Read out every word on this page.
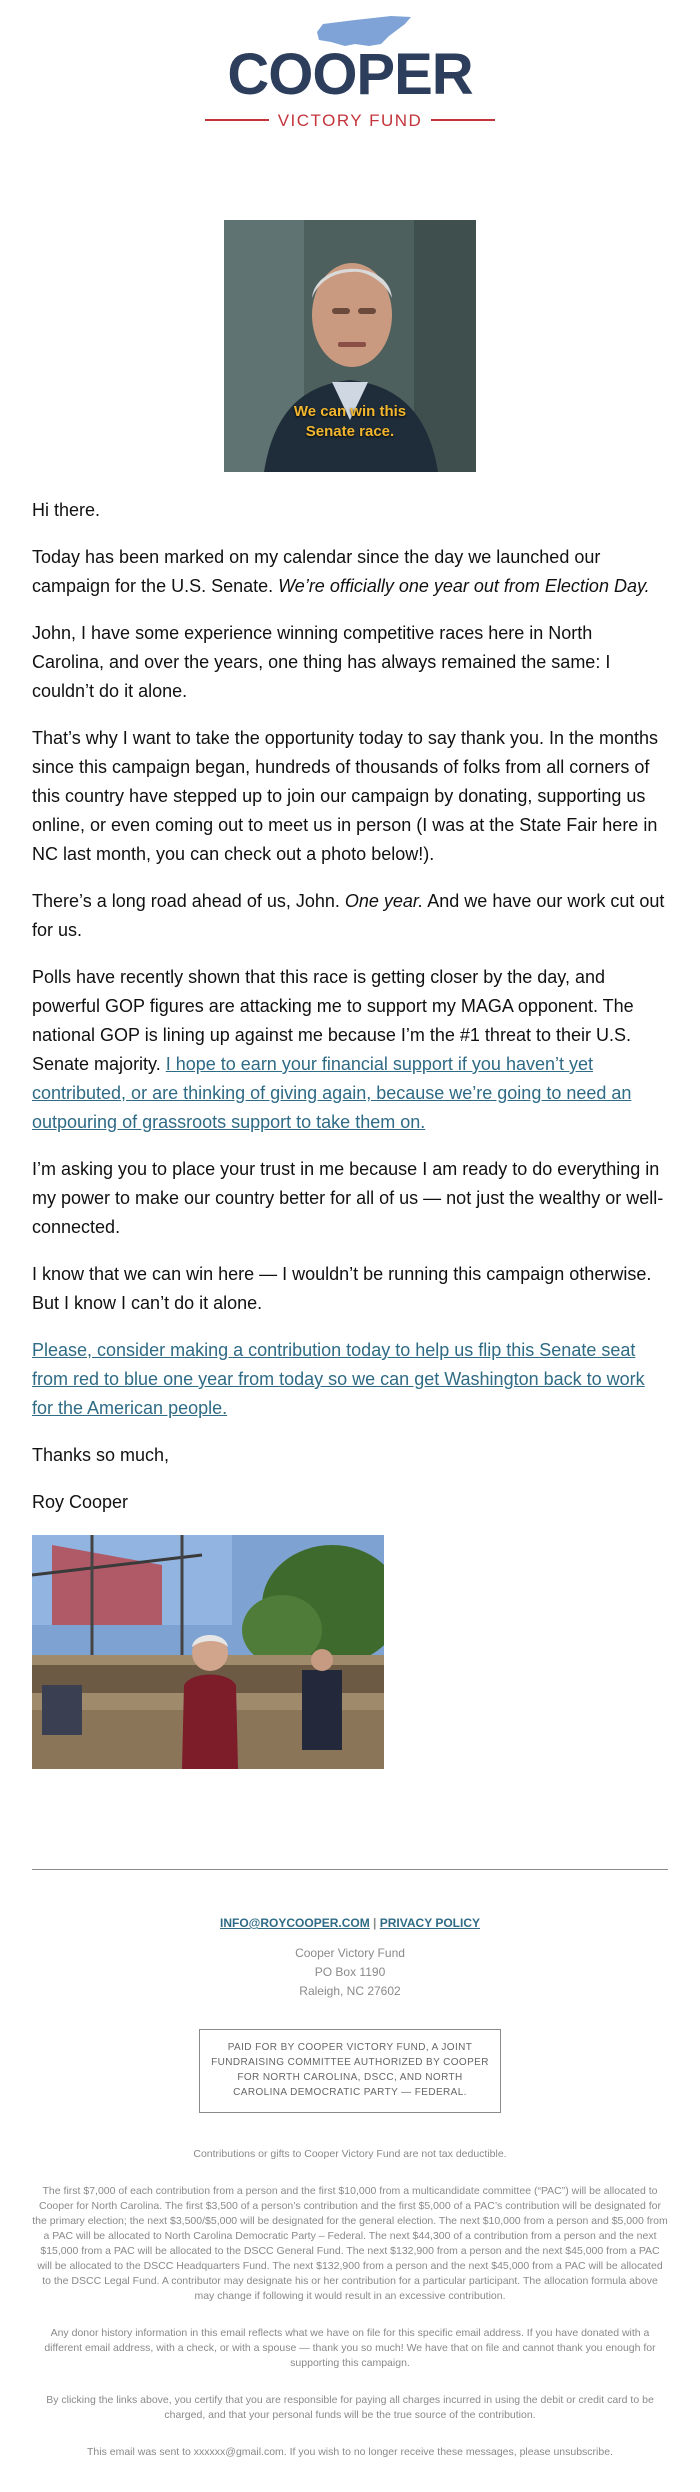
COOPER
VICTORY FUND
We can win this
Senate race.

Hi there.

Today has been marked on my calendar since the day we launched our campaign for the U.S. Senate. We’re officially one year out from Election Day.

John, I have some experience winning competitive races here in North Carolina, and over the years, one thing has always remained the same: I couldn’t do it alone.

That’s why I want to take the opportunity today to say thank you. In the months since this campaign began, hundreds of thousands of folks from all corners of this country have stepped up to join our campaign by donating, supporting us online, or even coming out to meet us in person (I was at the State Fair here in NC last month, you can check out a photo below!).

There’s a long road ahead of us, John. One year. And we have our work cut out for us.

Polls have recently shown that this race is getting closer by the day, and powerful GOP figures are attacking me to support my MAGA opponent. The national GOP is lining up against me because I’m the #1 threat to their U.S. Senate majority. I hope to earn your financial support if you haven’t yet contributed, or are thinking of giving again, because we’re going to need an outpouring of grassroots support to take them on.

I’m asking you to place your trust in me because I am ready to do everything in my power to make our country better for all of us — not just the wealthy or well-connected.

I know that we can win here — I wouldn’t be running this campaign otherwise. But I know I can’t do it alone.

Please, consider making a contribution today to help us flip this Senate seat from red to blue one year from today so we can get Washington back to work for the American people.

Thanks so much,

Roy Cooper

INFO@ROYCOOPER.COM | PRIVACY POLICY
Cooper Victory Fund
PO Box 1190
Raleigh, NC 27602
PAID FOR BY COOPER VICTORY FUND, A JOINT FUNDRAISING COMMITTEE AUTHORIZED BY COOPER FOR NORTH CAROLINA, DSCC, AND NORTH CAROLINA DEMOCRATIC PARTY — FEDERAL.
Contributions or gifts to Cooper Victory Fund are not tax deductible.
The first $7,000 of each contribution from a person and the first $10,000 from a multicandidate committee (“PAC”) will be allocated to Cooper for North Carolina. The first $3,500 of a person’s contribution and the first $5,000 of a PAC’s contribution will be designated for the primary election; the next $3,500/$5,000 will be designated for the general election. The next $10,000 from a person and $5,000 from a PAC will be allocated to North Carolina Democratic Party – Federal. The next $44,300 of a contribution from a person and the next $15,000 from a PAC will be allocated to the DSCC General Fund. The next $132,900 from a person and the next $45,000 from a PAC will be allocated to the DSCC Headquarters Fund. The next $132,900 from a person and the next $45,000 from a PAC will be allocated to the DSCC Legal Fund. A contributor may designate his or her contribution for a particular participant. The allocation formula above may change if following it would result in an excessive contribution.
Any donor history information in this email reflects what we have on file for this specific email address. If you have donated with a different email address, with a check, or with a spouse — thank you so much! We have that on file and cannot thank you enough for supporting this campaign.
By clicking the links above, you certify that you are responsible for paying all charges incurred in using the debit or credit card to be charged, and that your personal funds will be the true source of the contribution.
This email was sent to xxxxxx@gmail.com. If you wish to no longer receive these messages, please unsubscribe.
